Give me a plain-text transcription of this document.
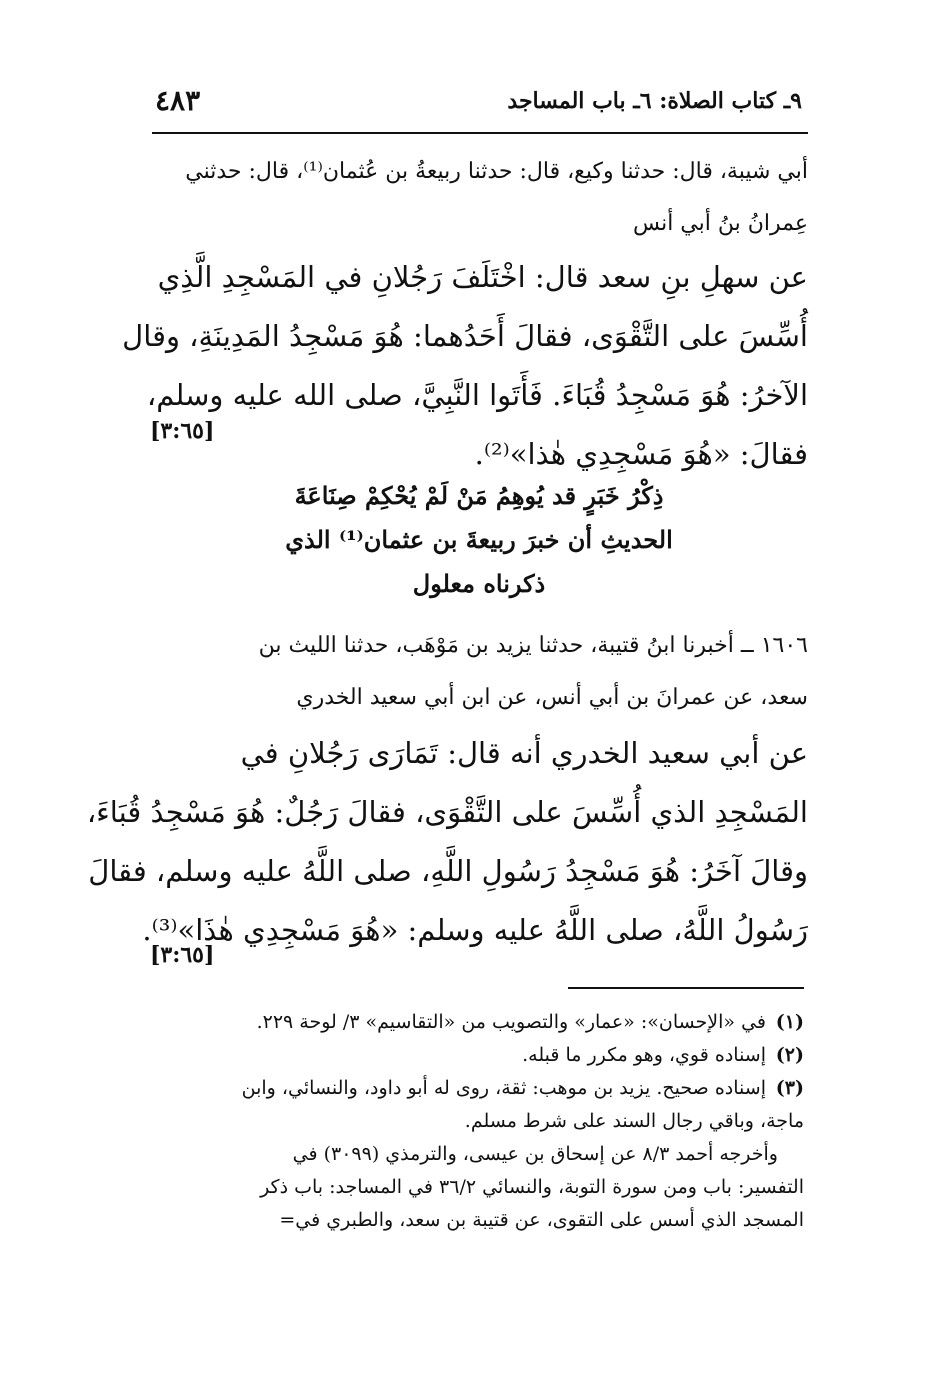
٤٨٣	٩ـ كتاب الصلاة: ٦ـ باب المساجد
أبي شيبة، قال: حدثنا وكيع، قال: حدثنا ربيعةُ بن عُثمان⁽¹⁾، قال: حدثني
عِمرانُ بنُ أبي أنس
عن سهلِ بنِ سعد قال: اخْتَلَفَ رَجُلانِ في المَسْجِدِ الَّذِي
أُسِّسَ على التَّقْوَى، فقالَ أَحَدُهما: هُوَ مَسْجِدُ المَدِينَةِ، وقال
الآخرُ: هُوَ مَسْجِدُ قُبَاءَ. فَأَتَوا النَّبِيَّ، صلى الله عليه وسلم،
فقالَ: «هُوَ مَسْجِدِي هٰذا»⁽²⁾.
[٣:٦٥]
ذِكْرُ خَبَرٍ قد يُوهِمُ مَنْ لَمْ يُحْكِمْ صِنَاعَةَ
الحديثِ أن خبرَ ربيعةَ بن عثمان⁽¹⁾ الذي
ذكرناه معلول
١٦٠٦ ــ أخبرنا ابنُ قتيبة، حدثنا يزيد بن مَوْهَب، حدثنا الليث بن
سعد، عن عمرانَ بن أبي أنس، عن ابن أبي سعيد الخدري
عن أبي سعيد الخدري أنه قال: تَمَارَى رَجُلانِ في
المَسْجِدِ الذي أُسِّسَ على التَّقْوَى، فقالَ رَجُلٌ: هُوَ مَسْجِدُ قُبَاءَ،
وقالَ آخَرُ: هُوَ مَسْجِدُ رَسُولِ اللَّهِ، صلى اللَّهُ عليه وسلم، فقالَ
رَسُولُ اللَّهُ، صلى اللَّهُ عليه وسلم: «هُوَ مَسْجِدِي هٰذَا»⁽³⁾.
[٣:٦٥]
(١)في «الإحسان»: «عمار» والتصويب من «التقاسيم» ٣/ لوحة ٢٢٩.
(٢)إسناده قوي، وهو مكرر ما قبله.
(٣)إسناده صحيح. يزيد بن موهب: ثقة، روى له أبو داود، والنسائي، وابن
ماجة، وباقي رجال السند على شرط مسلم.
وأخرجه أحمد ٨/٣ عن إسحاق بن عيسى، والترمذي (٣٠٩٩) في
التفسير: باب ومن سورة التوبة، والنسائي ٣٦/٢ في المساجد: باب ذكر
المسجد الذي أسس على التقوى، عن قتيبة بن سعد، والطبري في=
